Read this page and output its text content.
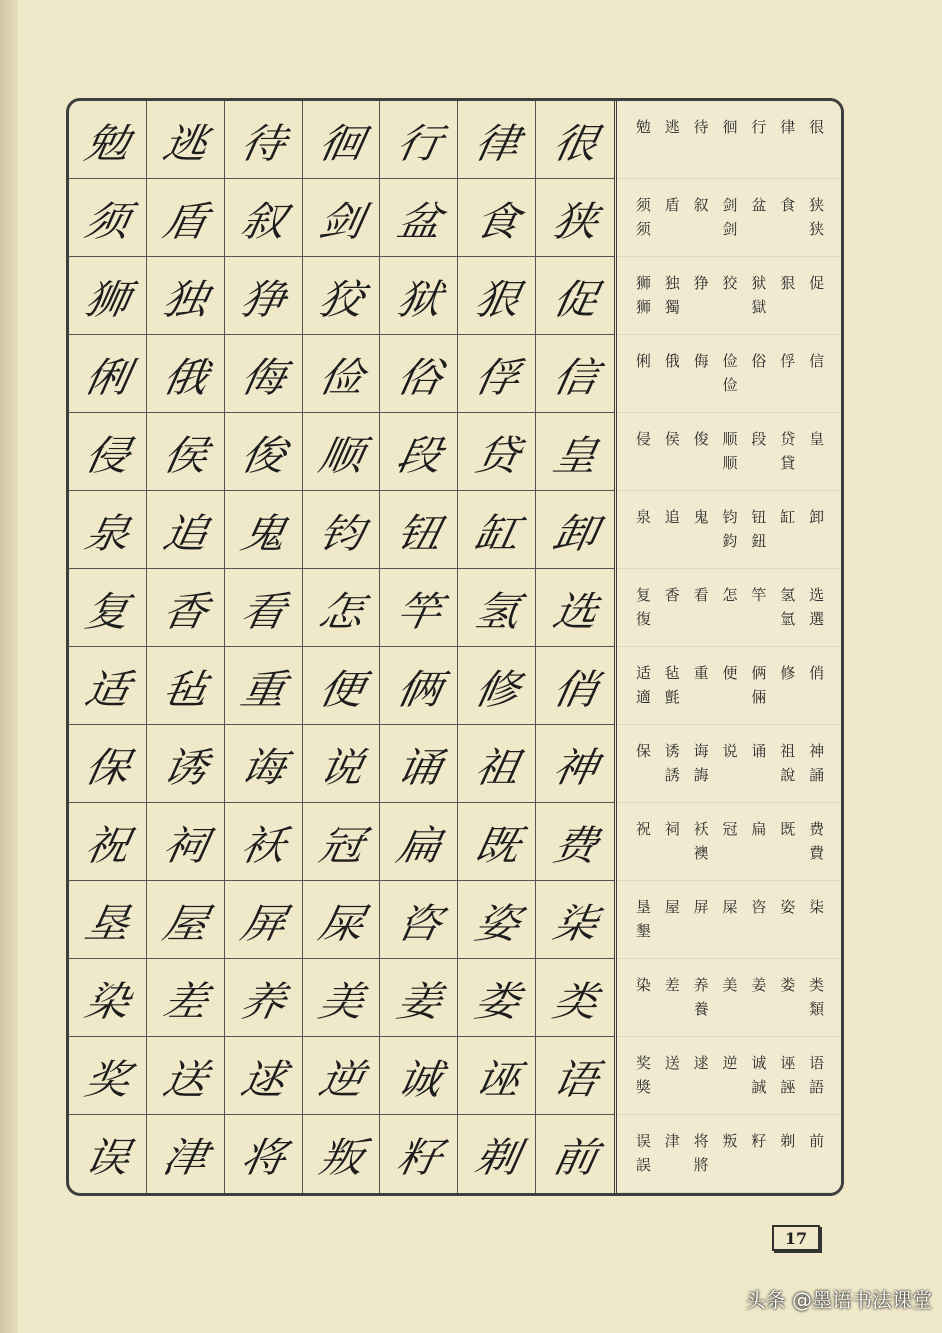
勉 逃 待 徊 行 律 很
须 盾 叙 剑 盆 食 狭
狮 独 狰 狡 狱 狠 促
俐 俄 侮 俭 俗 俘 信
侵 侯 俊 顺 段 贷 皇
泉 追 鬼 钧 钮 缸 卸
复 香 看 怎 竿 氢 选
适 毡 重 便 俩 修 俏
保 诱 诲 说 诵 祖 神
祝 祠 袄 冠 扁 既 费
垦 屋 屏 屎 咨 姿 柒
染 差 养 美 姜 娄 类
奖 送 逑 逆 诚 诬 语
误 津 将 叛 籽 剃 前
勉 逃 待 徊 行 律 很
须
须
盾 叙 剑
剑
盆 食 狭
狭
狮
狮
独
獨
狰 狡 狱
獄
狠 促
俐 俄 侮 俭
俭
俗 俘 信
侵 侯 俊 顺
顺
段 贷
貸
皇
泉 追 鬼 钧
鈞
钮
鈕
缸 卸
复
復
香 看 怎 竿 氢
氫
选
選
适
適
毡
氈
重 便 俩
倆
修 俏
保 诱
誘
诲
誨
说 诵 祖
說
神
誦
祝 祠 袄
襖
冠 扁 既 费
費
垦
墾
屋 屏 屎 咨 姿 柒
染 差 养
養
美 姜 娄 类
類
奖
獎
送 逑 逆 诚
誠
诬
誣
语
語
误
誤
津 将
將
叛 籽 剃 前
17
头条 @墨语书法课堂
